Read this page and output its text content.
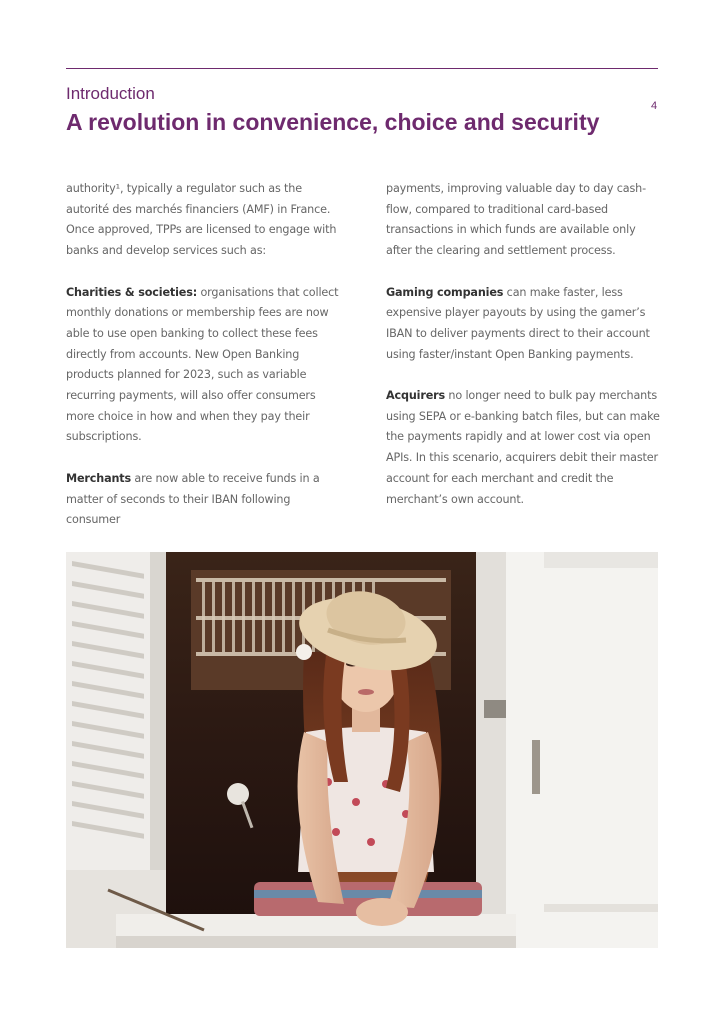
Introduction
A revolution in convenience, choice and security
4

authority¹, typically a regulator such as the autorité des marchés financiers (AMF) in France. Once approved, TPPs are licensed to engage with banks and develop services such as:

Charities & societies: organisations that collect monthly donations or membership fees are now able to use open banking to collect these fees directly from accounts. New Open Banking products planned for 2023, such as variable recurring payments, will also offer consumers more choice in how and when they pay their subscriptions.

Merchants are now able to receive funds in a matter of seconds to their IBAN following consumer

payments, improving valuable day to day cash-flow, compared to traditional card-based transactions in which funds are available only after the clearing and settlement process.

Gaming companies can make faster, less expensive player payouts by using the gamer’s IBAN to deliver payments direct to their account using faster/instant Open Banking payments.

Acquirers no longer need to bulk pay merchants using SEPA or e-banking batch files, but can make the payments rapidly and at lower cost via open APIs. In this scenario, acquirers debit their master account for each merchant and credit the merchant’s own account.
